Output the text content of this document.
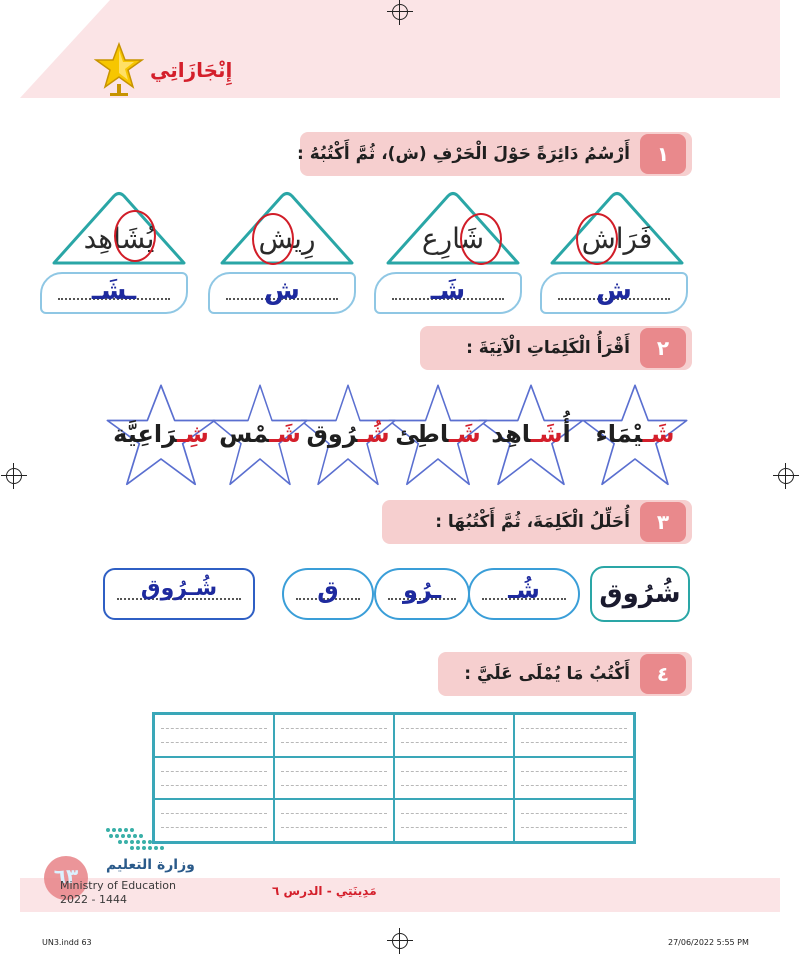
إِنْجَازَاتِي
١
أَرْسُمُ دَائِرَةً حَوْلَ الْحَرْفِ (ش)، ثُمَّ أَكْتُبُهُ :
فَرَاش
شَارِع
رِيش
يُشَاهِد
ش
شَـ
ش
ـشَـ
٢
أَقْرَأُ الْكَلِمَاتِ الْآتِيَةَ :
شَـيْمَاء
أُشَـاهِد
شَـاطِئ
شُـرُوق
شَـمْس
شِـرَاعِيَّة
٣
أُحَلِّلُ الْكَلِمَةَ، ثُمَّ أَكْتُبُهَا :
شُرُوق
شُـ
ـرُو
ق
شُـرُوق
٤
أَكْتُبُ مَا يُمْلَى عَلَيَّ :
٦٣	وزارة التعليم
Ministry of Education
2022 - 1444
مَدِينَتِي - الدرس ٦
UN3.indd 63	27/06/2022 5:55 PM
